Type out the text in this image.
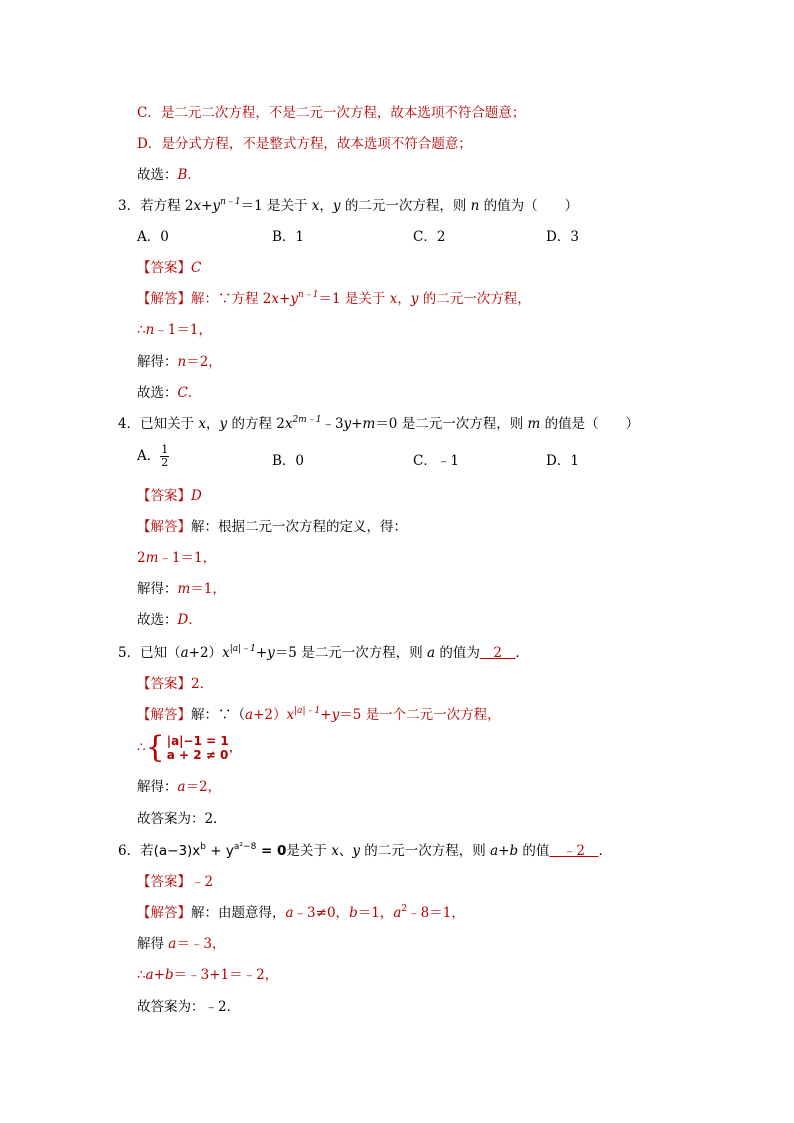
C．是二元二次方程，不是二元一次方程，故本选项不符合题意；
D．是分式方程，不是整式方程，故本选项不符合题意；
故选：B．
3．若方程 $2x+y^{n﹣1}=1$ 是关于 x，y 的二元一次方程，则 n 的值为（　　）
A．0	B．1	C．2	D．3
【答案】C
【解答】解：∵方程 $2x+y^{n﹣1}=1$ 是关于 x，y 的二元一次方程，
∴n﹣1＝1，
解得：n＝2，
故选：C．
4．已知关于 x，y 的方程 $2x^{2m﹣1}﹣3y+m=0$ 是二元一次方程，则 m 的值是（　　）
A． $\frac{1}{2}$	B．0	C．﹣1	D．1
【答案】D
【解答】解：根据二元一次方程的定义，得：
2m﹣1＝1，
解得：m＝1，
故选：D．
5．已知$(a+2)x^{|a|﹣1}+y=5$ 是二元一次方程，则 a 的值为　2　．
【答案】2．
【解答】解：$\because(a+2)x^{|a|﹣1}+y=5$ 是一个二元一次方程，
∴ { |a|−1 = 1
a + 2 ≠ 0 ，
解得：a＝2，
故答案为：2．
6．若$(a-3)x^b + y^{a^2-8} = 0$是关于 x、y 的二元一次方程，则 a+b 的值　﹣2　．
【答案】﹣2
【解答】解：由题意得，a﹣3≠0，b＝1，$a^2﹣8=1$，
解得 a＝﹣3，
∴a+b＝﹣3+1＝﹣2，
故答案为：﹣2．
